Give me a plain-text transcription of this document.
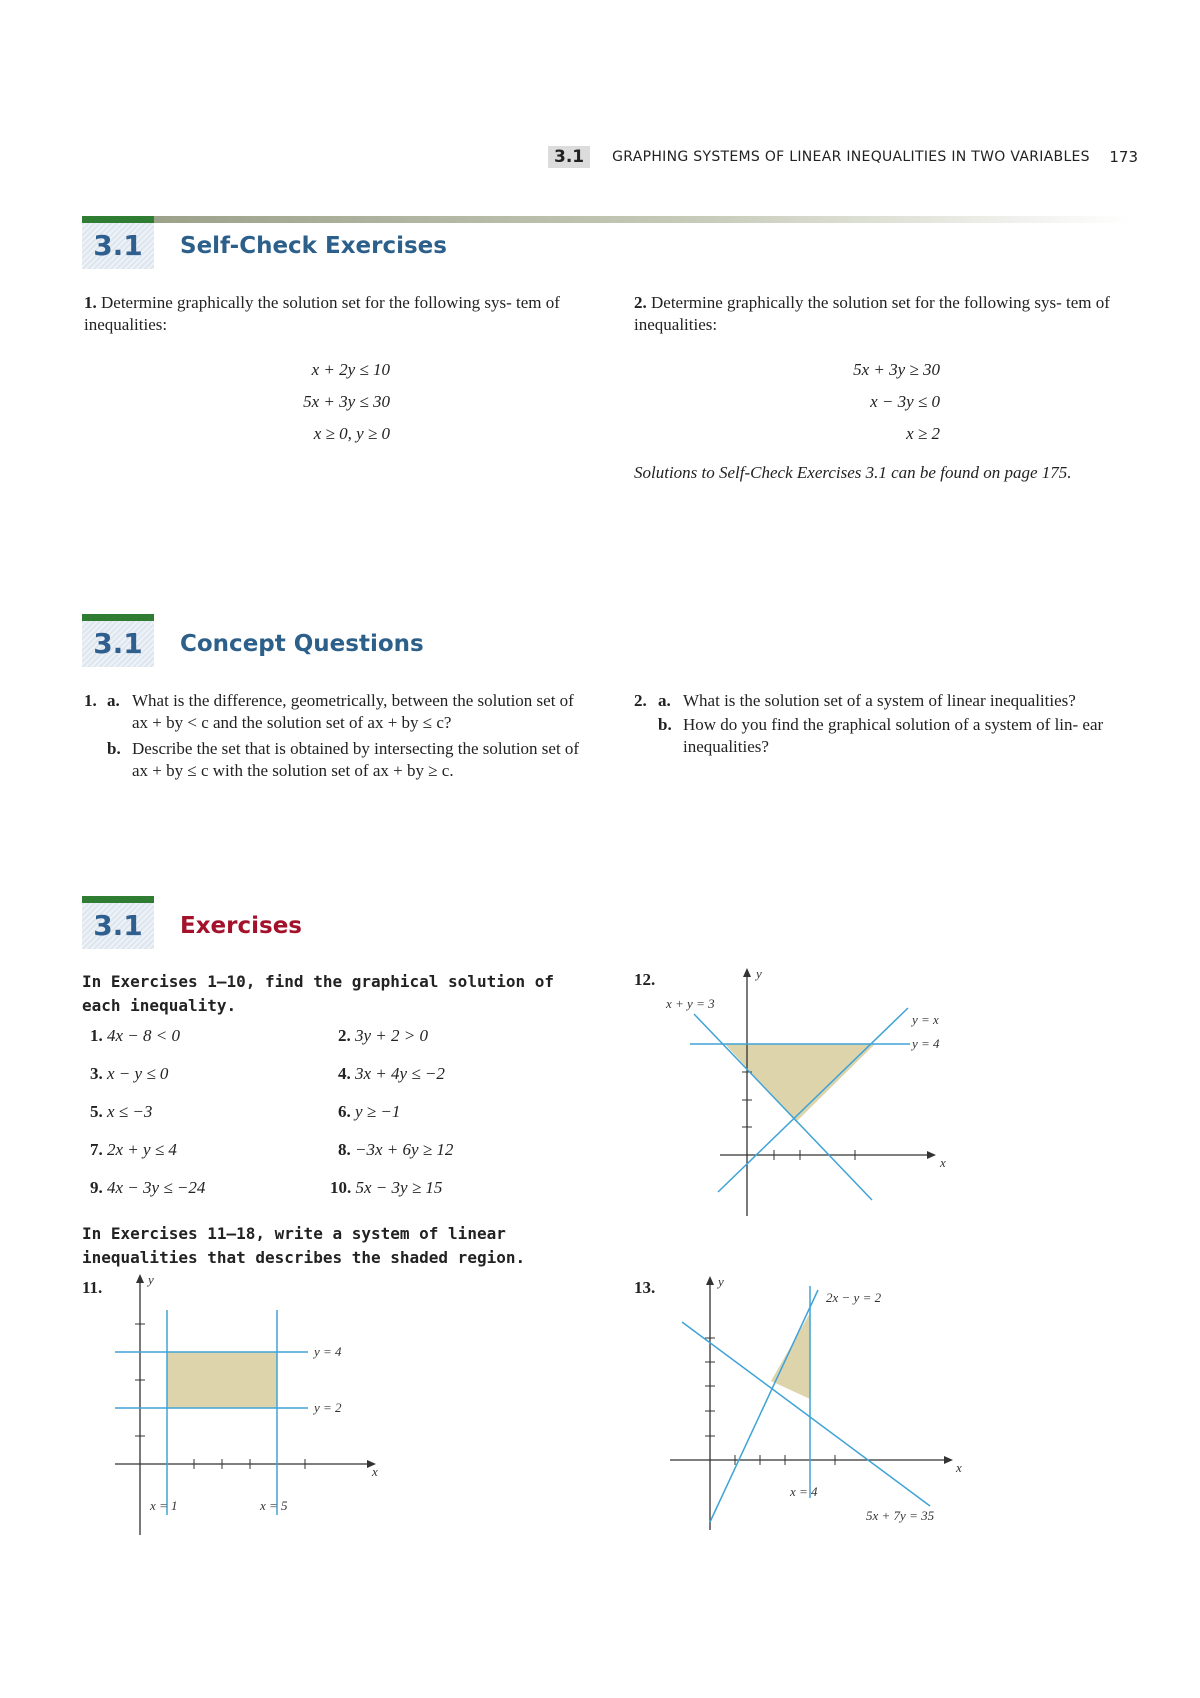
3.1	GRAPHING SYSTEMS OF LINEAR INEQUALITIES IN TWO VARIABLES 173
3.1	Self-Check Exercises
1. Determine graphically the solution set for the following sys- tem of inequalities:
x + 2y ≤ 10
5x + 3y ≤ 30
x ≥ 0, y ≥ 0
2. Determine graphically the solution set for the following sys- tem of inequalities:
5x + 3y ≥ 30
x − 3y ≤ 0
x ≥ 2
Solutions to Self-Check Exercises 3.1 can be found on page 175.
3.1	Concept Questions
1. a. What is the difference, geometrically, between the solution set of ax + by < c and the solution set of ax + by ≤ c?
b. Describe the set that is obtained by intersecting the solution set of ax + by ≤ c with the solution set of ax + by ≥ c.
2. a. What is the solution set of a system of linear inequalities?
b. How do you find the graphical solution of a system of lin- ear inequalities?
3.1	Exercises
In Exercises 1–10, find the graphical solution of each inequality.
1. 4x − 8 < 0	2. 3y + 2 > 0
3. x − y ≤ 0	4. 3x + 4y ≤ −2
5. x ≤ −3	6. y ≥ −1
7. 2x + y ≤ 4	8. −3x + 6y ≥ 12
9. 4x − 3y ≤ −24	10. 5x − 3y ≥ 15
In Exercises 11–18, write a system of linear inequalities that describes the shaded region.
11.	y
x
y = 4
y = 2
x = 1	x = 5
12.	y
x
x + y = 3
y = x
y = 4
13.	y
x
2x − y = 2
x = 4
5x + 7y = 35
